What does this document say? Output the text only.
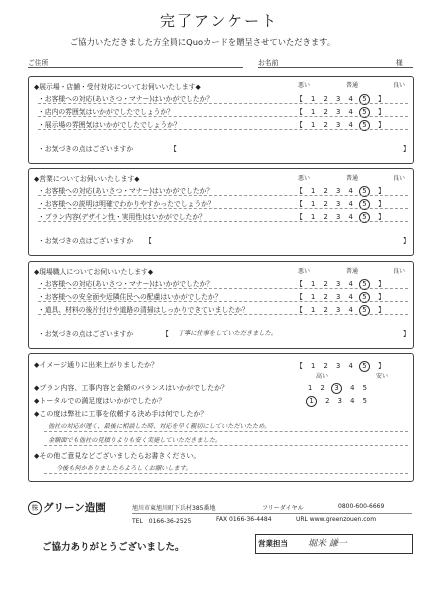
完了アンケート
ご協力いただきました方全員にQuoカードを贈呈させていただきます。
ご住所	お名前	様
◆展示場・店舗・受付対応についてお伺いいたします◆	悪い	普通	良い
・お客様への対応(あいさつ・マナー)はいかがでしたか？	【 1 2 3 4 5 】
・店内の雰囲気はいかがでしたでしょうか？	【 1 2 3 4 5 】
・展示場の雰囲気はいかがでしたでしょうか？	【 1 2 3 4 5 】
・お気づきの点はございますか	【	】
◆営業についてお伺いいたします◆	悪い	普通	良い
・お客様への対応(あいさつ・マナー)はいかがでしたか？	【 1 2 3 4 5 】
・お客様への説明は明確でわかりやすかったでしょうか？	【 1 2 3 4 5 】
・プラン内容(デザイン性・実用性)はいかがでしたか？	【 1 2 3 4 5 】
・お気づきの点はございますか 【	】
◆現場職人についてお伺いいたします◆	悪い	普通	良い
・お客様への対応(あいさつ・マナー)はいかがでしたか？	【 1 2 3 4 5 】
・お客様への安全面や近隣住民への配慮はいかがでしたか？	【 1 2 3 4 5 】
・道具、材料の後片付けや道路の清掃はしっかりできていましたか？	【 1 2 3 4 5 】
・お気づきの点はございますか	【 丁寧に仕事をしていただきました。	】
◆イメージ通りに出来上がりましたか？	【 1 2 3 4 5 】
高い	安い
◆プラン内容、工事内容と金額のバランスはいかがでしたか？	1 2 3 4 5
◆トータルでの満足度はいかがでしたか？	1 2 3 4 5
◆この度は弊社に工事を依頼する決め手は何でしたか？
他社の対応が遅く、最後に相談した時、対応を早く親切にしていただいたため。
金額面でも他社の見積りよりも安く実施していただきました。
◆その他ご意見などございましたらお書きください。
今後も何かありましたらよろしくお願いします。
株 グリーン造園	旭川市東旭川町下兵村385番地	フリーダイヤル	0800-600-6669
TEL　0166-36-2525	FAX 0166-36-4484	URL www.greenzouen.com
ご協力ありがとうございました。	営業担当 堀米 謙一
